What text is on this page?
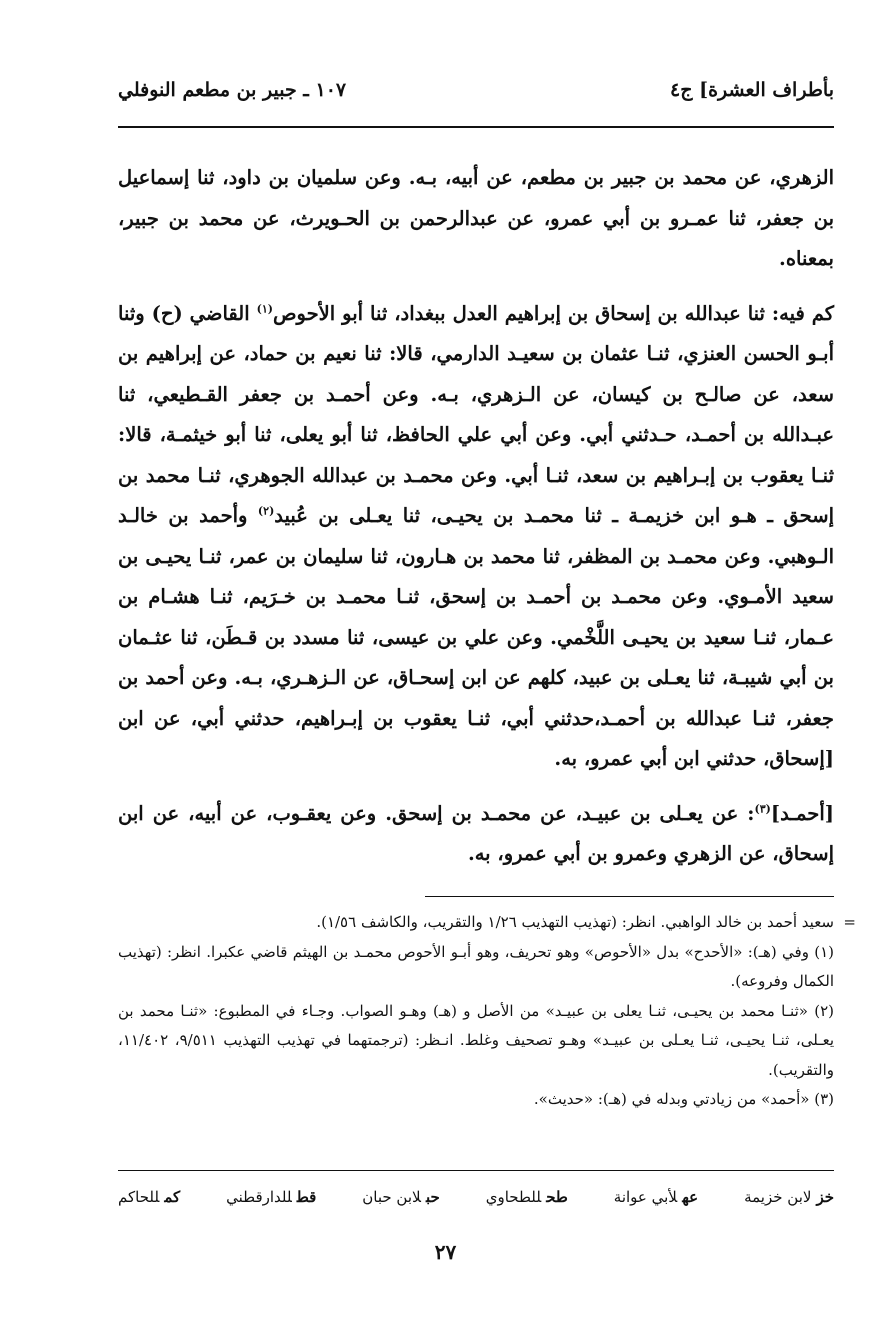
بأطراف العشرة] ج٤
١٠٧ ـ جبير بن مطعم النوفلي

الزهري، عن محمد بن جبير بن مطعم، عن أبيه، بـه. وعن سلميان بن داود، ثنا إسماعيل بن جعفر، ثنا عمـرو بن أبي عمرو، عن عبدالرحمن بن الحـويرث، عن محمد بن جبير، بمعناه.

كم فيه: ثنا عبدالله بن إسحاق بن إبراهيم العدل ببغداد، ثنا أبو الأحوص$^{(١)}$ القاضي (ح) وثنا أبـو الحسن العنزي، ثنـا عثمان بن سعيـد الدارمي، قالا: ثنا نعيم بن حماد، عن إبراهيم بن سعد، عن صالـح بن كيسان، عن الـزهري، بـه. وعن أحمـد بن جعفر القـطيعي، ثنا عبـدالله بن أحمـد، حـدثني أبي. وعن أبي علي الحافظ، ثنا أبو يعلى، ثنا أبو خيثمـة، قالا: ثنـا يعقوب بن إبـراهيم بن سعد، ثنـا أبي. وعن محمـد بن عبدالله الجوهري، ثنـا محمد بن إسحق ـ هـو ابن خزيمـة ـ ثنا محمـد بن يحيـى، ثنا يعـلى بن عُبيد$^{(٢)}$ وأحمد بن خالـد الـوهبي. وعن محمـد بن المظفر، ثنا محمد بن هـارون، ثنا سليمان بن عمر، ثنـا يحيـى بن سعيد الأمـوي. وعن محمـد بن أحمـد بن إسحق، ثنـا محمـد بن خـرَيم، ثنـا هشـام بن عـمار، ثنـا سعيد بن يحيـى اللَّخْمي. وعن علي بن عيسى، ثنا مسدد بن قـطَن، ثنا عثـمان بن أبي شيبـة، ثنا يعـلى بن عبيد، كلهم عن ابن إسحـاق، عن الـزهـري، بـه. وعن أحمد بن جعفر، ثنـا عبدالله بن أحمـد،حدثني أبي، ثنـا يعقوب بن إبـراهيم، حدثني أبي، عن ابن [إسحاق، حدثني ابن أبي عمرو، به.

[أحمـد]$^{(٣)}$: عن يعـلى بن عبيـد، عن محمـد بن إسحق. وعن يعقـوب، عن أبيه، عن ابن إسحاق، عن الزهري وعمرو بن أبي عمرو، به.

=
سعيد أحمد بن خالد الواهبي. انظر: (تهذيب التهذيب ١/٢٦ والتقريب، والكاشف ١/٥٦).

(١) وفي (هـ): «الأحدح» بدل «الأحوص» وهو تحريف، وهو أبـو الأحوص محمـد بن الهيثم قاضي عكبرا. انظر: (تهذيب الكمال وفروعه).

(٢) «ثنـا محمد بن يحيـى، ثنـا يعلى بن عبيـد» من الأصل و (هـ) وهـو الصواب. وجـاء في المطبوع: «ثنـا محمد بن يعـلى، ثنـا يحيـى، ثنـا يعـلى بن عبيـد» وهـو تصحيف وغلط. انـظر: (ترجمتهما في تهذيب التهذيب ٩/٥١١، ١١/٤٠٢، والتقريب).

(٣) «أحمد» من زيادتي وبدله في (هـ): «حديث».

خزلابن خزيمة
عهلأبي عوانة
طحللطحاوي
حبلابن حبان
قطللدارقطني
كمللحاكم
٢٧
